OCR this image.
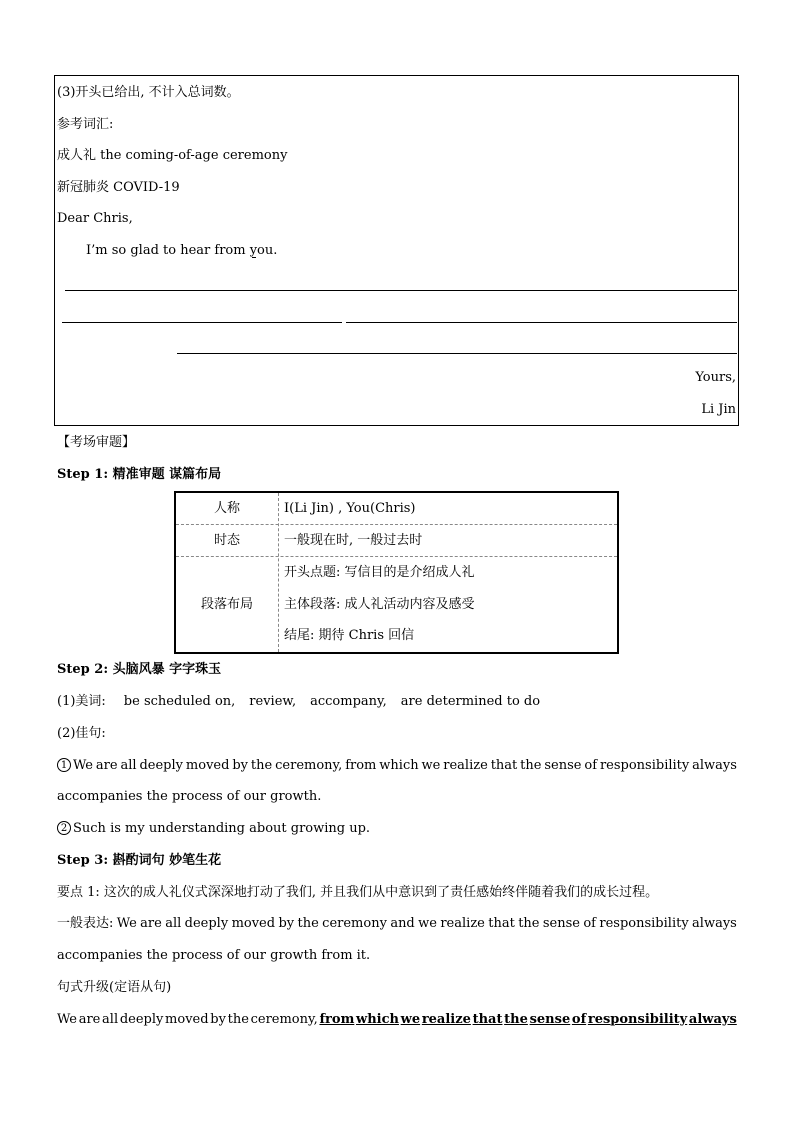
(3)开头已给出, 不计入总词数。
参考词汇:
成人礼 the coming-of-age ceremony
新冠肺炎 COVID-19
Dear Chris,
I’m so glad to hear from you.
Yours,
Li Jin
【考场审题】
Step 1: 精准审题 谋篇布局
人称	I(Li Jin) , You(Chris)
时态	一般现在时, 一般过去时
段落布局
开头点题: 写信目的是介绍成人礼
主体段落: 成人礼活动内容及感受
结尾: 期待 Chris 回信
Step 2: 头脑风暴 字字珠玉
(1)美词: be scheduled on, review, accompany, are determined to do
(2)佳句:
1 We are all deeply moved by the ceremony, from which we realize that the sense of responsibility always
accompanies the process of our growth.
2 Such is my understanding about growing up.
Step 3: 斟酌词句 妙笔生花
要点 1: 这次的成人礼仪式深深地打动了我们, 并且我们从中意识到了责任感始终伴随着我们的成长过程。
一般表达: We are all deeply moved by the ceremony and we realize that the sense of responsibility always
accompanies the process of our growth from it.
句式升级(定语从句)
We are all deeply moved by the ceremony, from which we realize that the sense of responsibility always
